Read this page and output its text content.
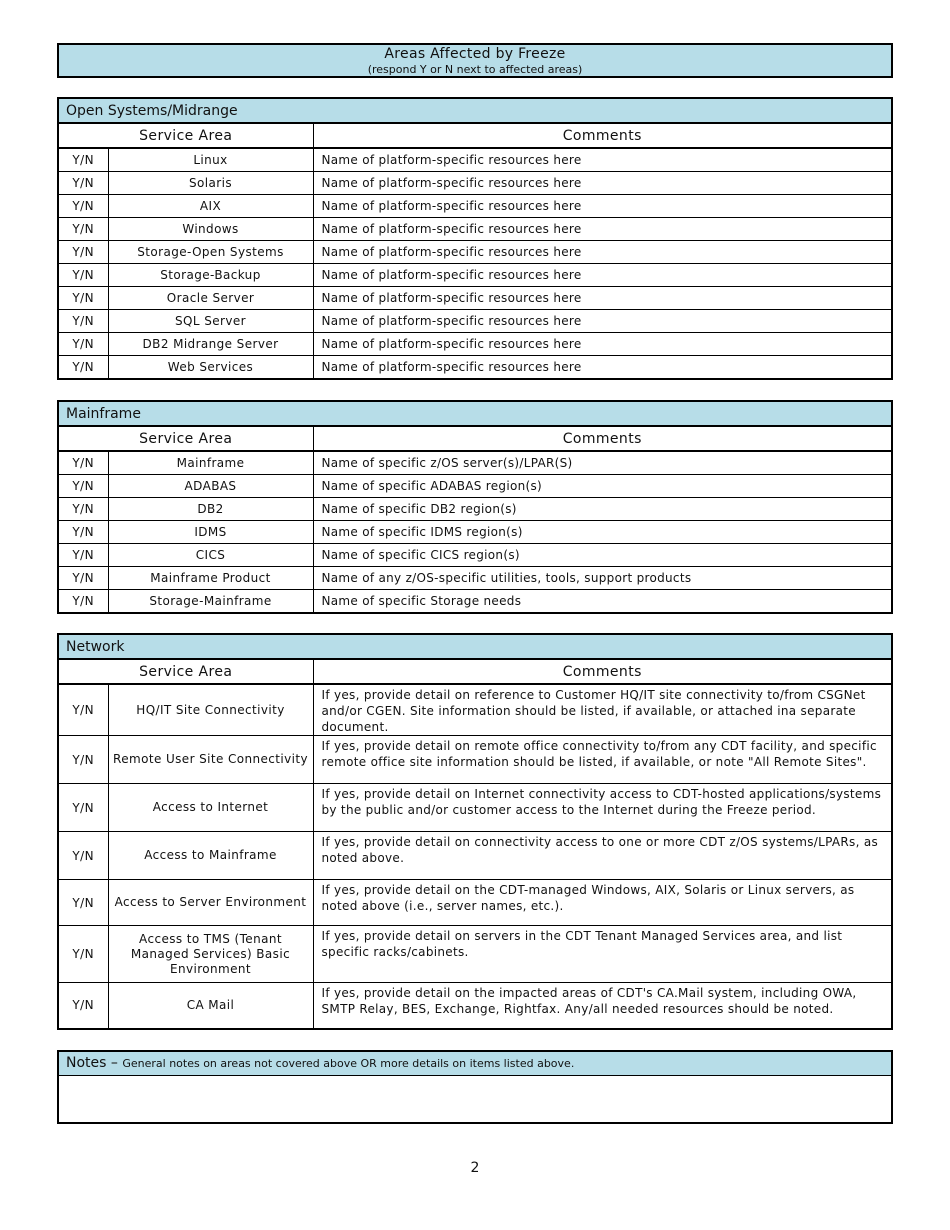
Areas Affected by Freeze
(respond Y or N next to affected areas)
Open Systems/Midrange		
Service Area		Comments
Y/N	Linux	Name of platform-specific resources here
Y/N	Solaris	Name of platform-specific resources here
Y/N	AIX	Name of platform-specific resources here
Y/N	Windows	Name of platform-specific resources here
Y/N	Storage-Open Systems	Name of platform-specific resources here
Y/N	Storage-Backup	Name of platform-specific resources here
Y/N	Oracle Server	Name of platform-specific resources here
Y/N	SQL Server	Name of platform-specific resources here
Y/N	DB2 Midrange Server	Name of platform-specific resources here
Y/N	Web Services	Name of platform-specific resources here
Mainframe		
Service Area		Comments
Y/N	Mainframe	Name of specific z/OS server(s)/LPAR(S)
Y/N	ADABAS	Name of specific ADABAS region(s)
Y/N	DB2	Name of specific DB2 region(s)
Y/N	IDMS	Name of specific IDMS region(s)
Y/N	CICS	Name of specific CICS region(s)
Y/N	Mainframe Product	Name of any z/OS-specific utilities, tools, support products
Y/N	Storage-Mainframe	Name of specific Storage needs
Network		
Service Area		Comments
Y/N	HQ/IT Site Connectivity	If yes, provide detail on reference to Customer HQ/IT site connectivity to/from CSGNet and/or CGEN. Site information should be listed, if available, or attached ina separate document.
Y/N	Remote User Site Connectivity	If yes, provide detail on remote office connectivity to/from any CDT facility, and specific remote office site information should be listed, if available, or note "All Remote Sites".
Y/N	Access to Internet	If yes, provide detail on Internet connectivity access to CDT-hosted applications/systems by the public and/or customer access to the Internet during the Freeze period.
Y/N	Access to Mainframe	If yes, provide detail on connectivity access to one or more CDT z/OS systems/LPARs, as noted above.
Y/N	Access to Server Environment	If yes, provide detail on the CDT-managed Windows, AIX, Solaris or Linux servers, as noted above (i.e., server names, etc.).
Y/N	Access to TMS (Tenant Managed Services) Basic Environment	If yes, provide detail on servers in the CDT Tenant Managed Services area, and list specific racks/cabinets.
Y/N	CA Mail	If yes, provide detail on the impacted areas of CDT's CA.Mail system, including OWA, SMTP Relay, BES, Exchange, Rightfax. Any/all needed resources should be noted.
Notes – General notes on areas not covered above OR more details on items listed above.
2
